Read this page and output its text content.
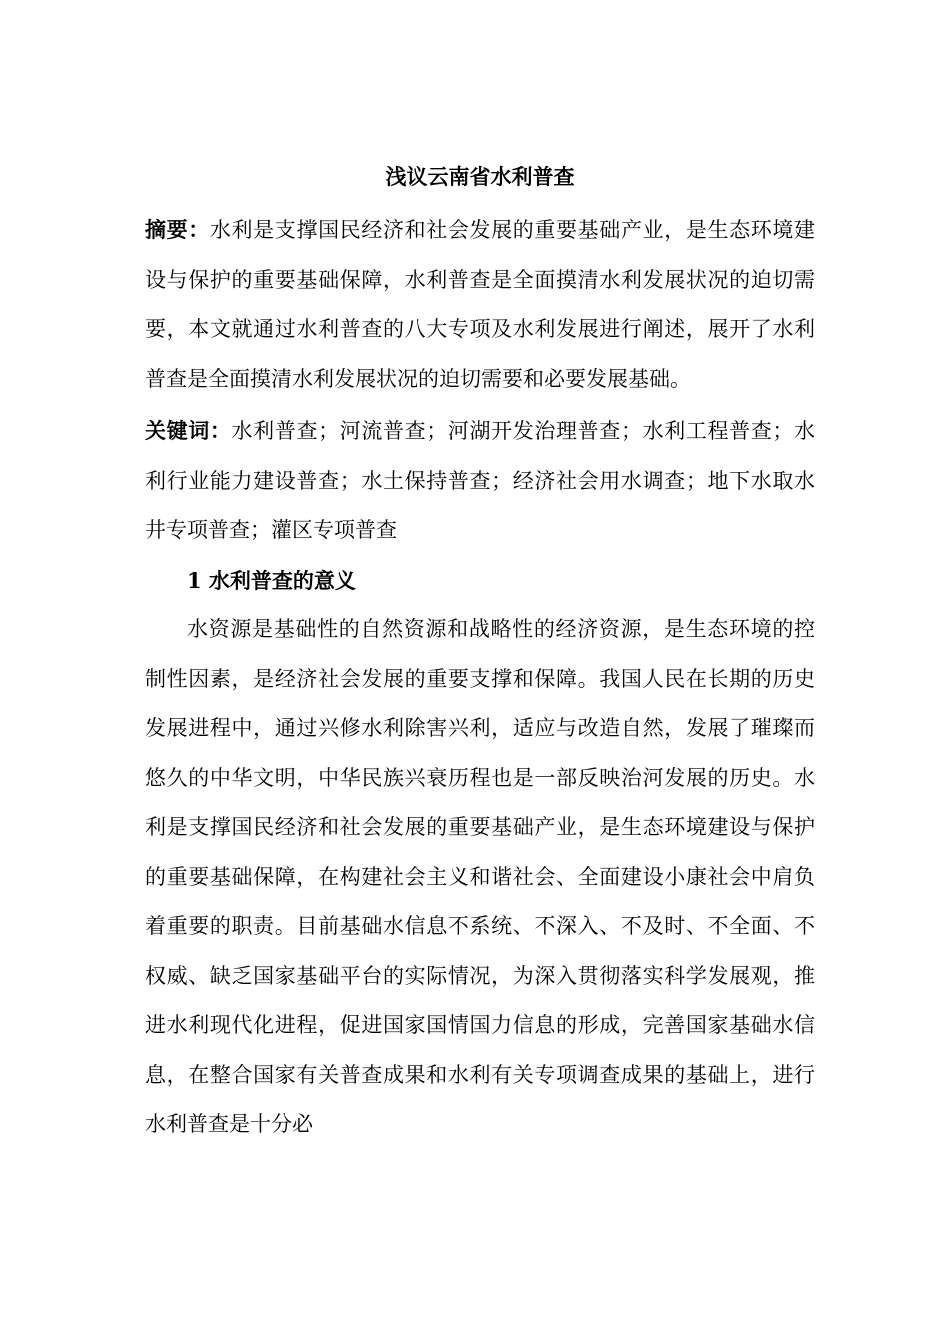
浅议云南省水利普查

摘要：水利是支撑国民经济和社会发展的重要基础产业，是生态环境建设与保护的重要基础保障，水利普查是全面摸清水利发展状况的迫切需要，本文就通过水利普查的八大专项及水利发展进行阐述，展开了水利普查是全面摸清水利发展状况的迫切需要和必要发展基础。

关键词：水利普查；河流普查；河湖开发治理普查；水利工程普查；水利行业能力建设普查；水土保持普查；经济社会用水调查；地下水取水井专项普查；灌区专项普查

1 水利普查的意义

水资源是基础性的自然资源和战略性的经济资源，是生态环境的控制性因素，是经济社会发展的重要支撑和保障。我国人民在长期的历史发展进程中，通过兴修水利除害兴利，适应与改造自然，发展了璀璨而悠久的中华文明，中华民族兴衰历程也是一部反映治河发展的历史。水利是支撑国民经济和社会发展的重要基础产业，是生态环境建设与保护的重要基础保障，在构建社会主义和谐社会、全面建设小康社会中肩负着重要的职责。目前基础水信息不系统、不深入、不及时、不全面、不权威、缺乏国家基础平台的实际情况，为深入贯彻落实科学发展观，推进水利现代化进程，促进国家国情国力信息的形成，完善国家基础水信息，在整合国家有关普查成果和水利有关专项调查成果的基础上，进行水利普查是十分必
